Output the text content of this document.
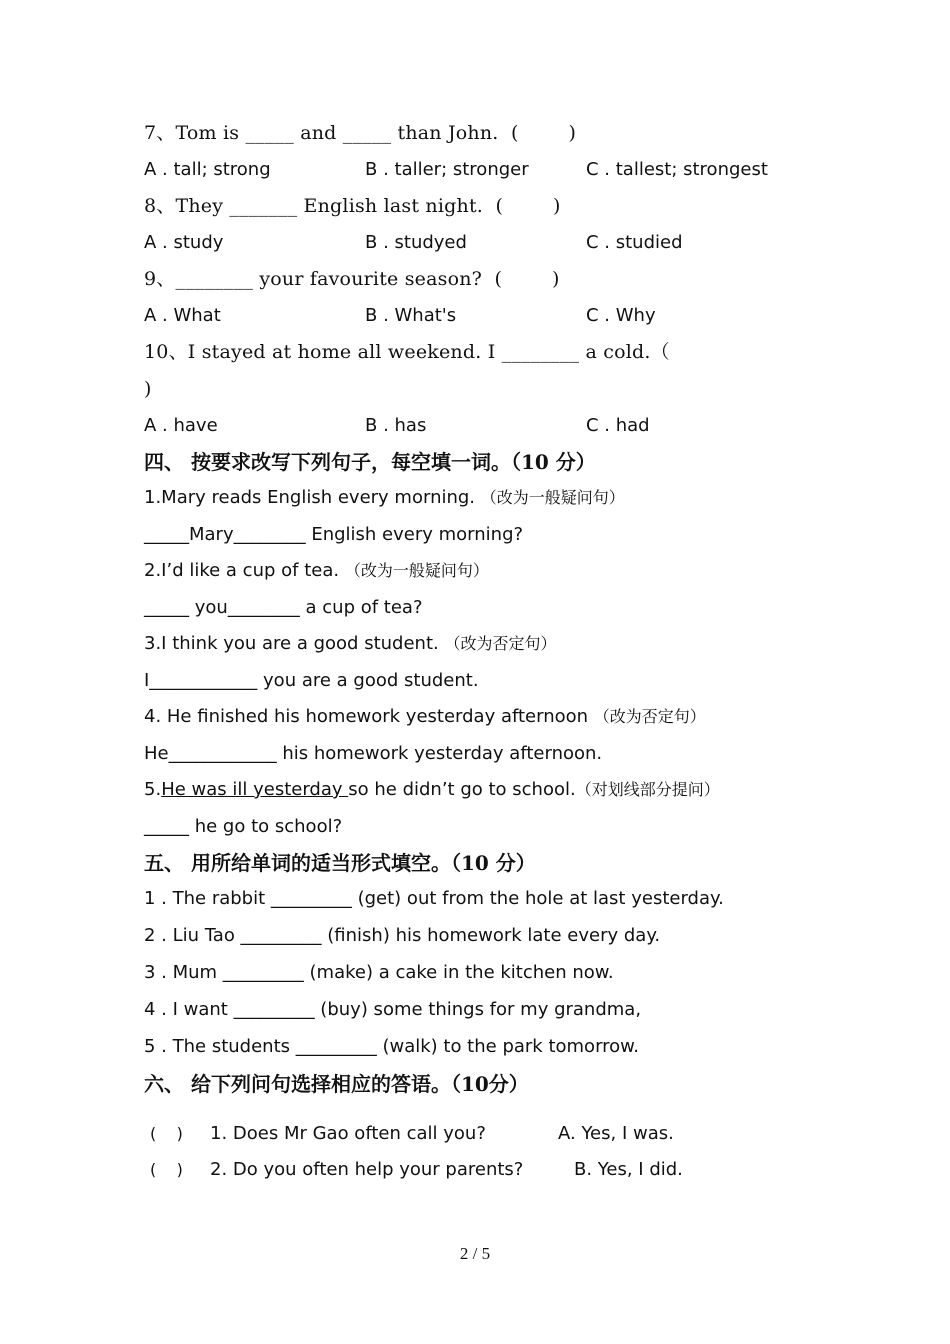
7、Tom is _____ and _____ than John.  (        )
A . tall; strong	B . taller; stronger	C . tallest; strongest
8、They _______ English last night.  (        )
A . study	B . studyed	C . studied
9、________ your favourite season?  (        )
A . What	B . What's	C . Why
10、I stayed at home all weekend. I ________ a cold.（
)
A . have	B . has	C . had
四、 按要求改写下列句子，每空填一词。（10 分）
1.Mary reads English every morning. （改为一般疑问句）
_____Mary________ English every morning?
2.I’d like a cup of tea. （改为一般疑问句）
_____ you________ a cup of tea?
3.I think you are a good student. （改为否定句）
I____________ you are a good student.
4. He finished his homework yesterday afternoon （改为否定句）
He____________ his homework yesterday afternoon.
5.He was ill yesterday so he didn’t go to school.（对划线部分提问）
_____ he go to school?
五、 用所给单词的适当形式填空。（10 分）
1 . The rabbit _________ (get) out from the hole at last yesterday.
2 . Liu Tao _________ (finish) his homework late every day.
3 . Mum _________ (make) a cake in the kitchen now.
4 . I want _________ (buy) some things for my grandma,
5 . The students _________ (walk) to the park tomorrow.
六、 给下列问句选择相应的答语。（10分）
(    ) 1. Does Mr Gao often call you?	A. Yes, I was.
(    ) 2. Do you often help your parents?	B. Yes, I did.
2 / 5
